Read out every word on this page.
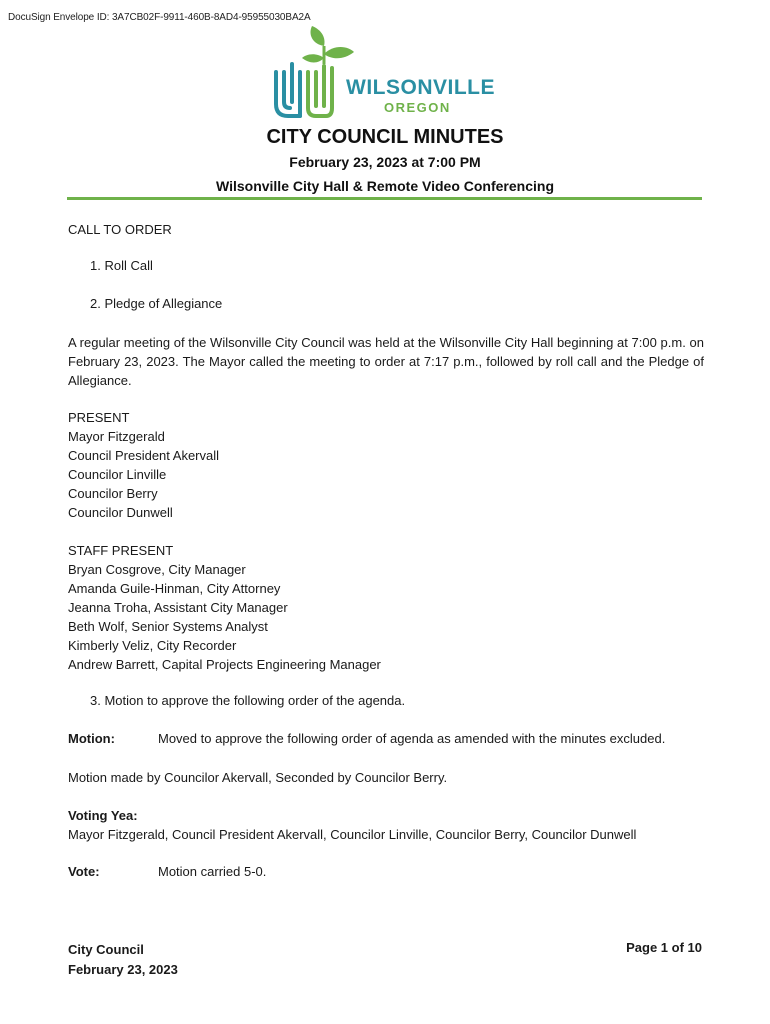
DocuSign Envelope ID: 3A7CB02F-9911-460B-8AD4-95955030BA2A
WILSONVILLE
OREGON
CITY COUNCIL MINUTES
February 23, 2023 at 7:00 PM
Wilsonville City Hall & Remote Video Conferencing
CALL TO ORDER
1. Roll Call
2. Pledge of Allegiance
A regular meeting of the Wilsonville City Council was held at the Wilsonville City Hall beginning at 7:00 p.m. on February 23, 2023. The Mayor called the meeting to order at 7:17 p.m., followed by roll call and the Pledge of Allegiance.
PRESENT
Mayor Fitzgerald
Council President Akervall
Councilor Linville
Councilor Berry
Councilor Dunwell
STAFF PRESENT
Bryan Cosgrove, City Manager
Amanda Guile-Hinman, City Attorney
Jeanna Troha, Assistant City Manager
Beth Wolf, Senior Systems Analyst
Kimberly Veliz, City Recorder
Andrew Barrett, Capital Projects Engineering Manager
3. Motion to approve the following order of the agenda.
Motion:	Moved to approve the following order of agenda as amended with the minutes excluded.
Motion made by Councilor Akervall, Seconded by Councilor Berry.
Voting Yea:
Mayor Fitzgerald, Council President Akervall, Councilor Linville, Councilor Berry, Councilor Dunwell
Vote:	Motion carried 5-0.
City Council
February 23, 2023
Page 1 of 10
